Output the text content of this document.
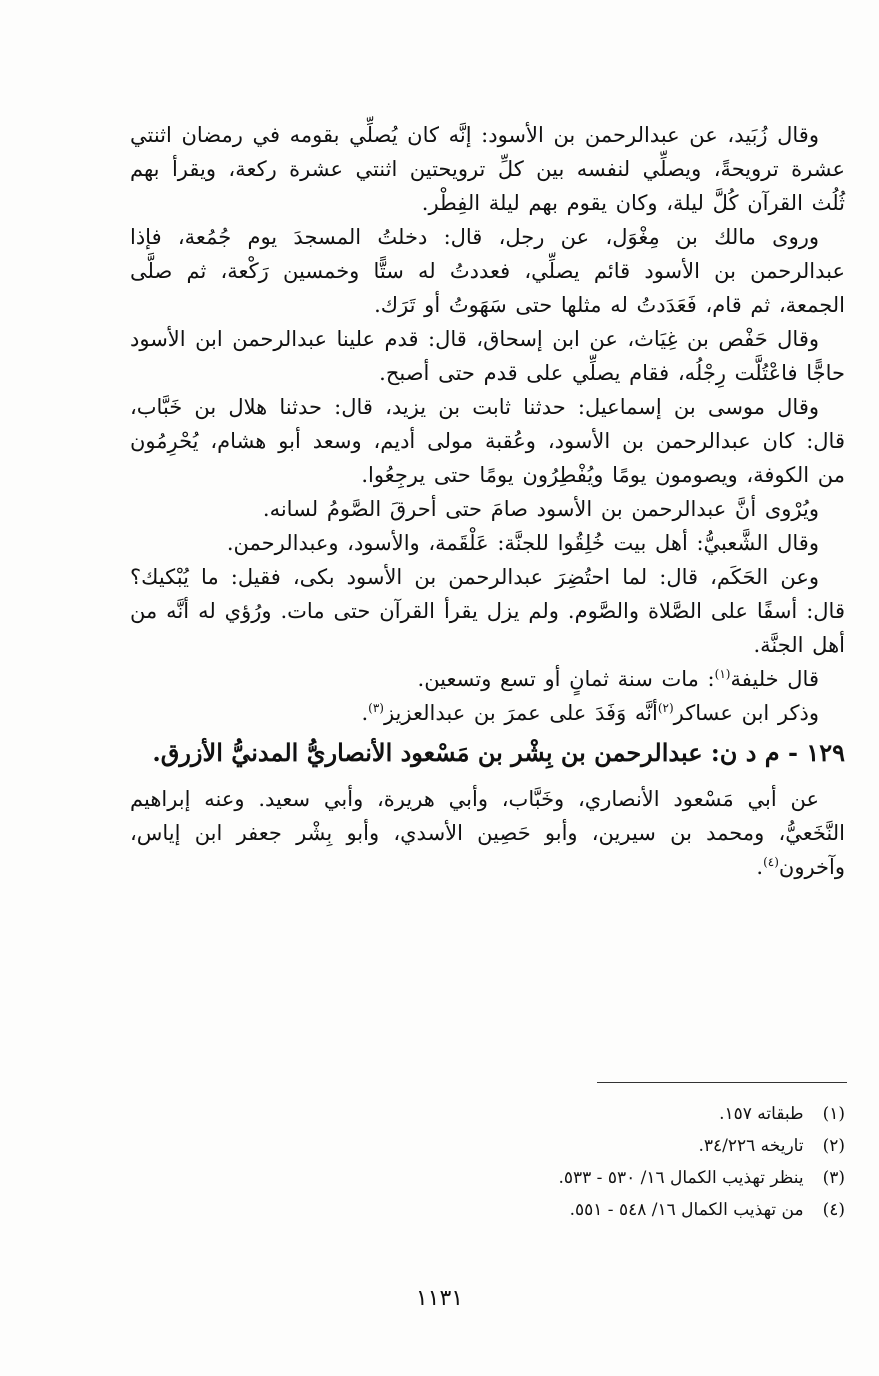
وقال زُبَيد، عن عبدالرحمن بن الأسود: إنَّه كان يُصلِّي بقومه في رمضان اثنتي عشرة ترويحةً، ويصلِّي لنفسه بين كلِّ ترويحتين اثنتي عشرة ركعة، ويقرأ بهم ثُلُث القرآن كُلَّ ليلة، وكان يقوم بهم ليلة الفِطْر.

وروى مالك بن مِغْوَل، عن رجل، قال: دخلتُ المسجدَ يوم جُمُعة، فإذا عبدالرحمن بن الأسود قائم يصلِّي، فعددتُ له ستًّا وخمسين رَكْعة، ثم صلَّى الجمعة، ثم قام، فَعَدَدتُ له مثلها حتى سَهَوتُ أو تَرَك.

وقال حَفْص بن غِيَاث، عن ابن إسحاق، قال: قدم علينا عبدالرحمن ابن الأسود حاجًّا فاعْتُلَّت رِجْلُه، فقام يصلِّي على قدم حتى أصبح.

وقال موسى بن إسماعيل: حدثنا ثابت بن يزيد، قال: حدثنا هلال بن خَبَّاب، قال: كان عبدالرحمن بن الأسود، وعُقبة مولى أديم، وسعد أبو هشام، يُحْرِمُون من الكوفة، ويصومون يومًا ويُفْطِرُون يومًا حتى يرجِعُوا.

ويُرْوى أنَّ عبدالرحمن بن الأسود صامَ حتى أحرقَ الصَّومُ لسانه.

وقال الشَّعبيُّ: أهل بيت خُلِقُوا للجنَّة: عَلْقَمة، والأسود، وعبدالرحمن.

وعن الحَكَم، قال: لما احتُضِرَ عبدالرحمن بن الأسود بكى، فقيل: ما يُبْكيك؟ قال: أسفًا على الصَّلاة والصَّوم. ولم يزل يقرأ القرآن حتى مات. ورُؤي له أنَّه من أهل الجنَّة.

قال خليفة$^{(١)}$: مات سنة ثمانٍ أو تسع وتسعين.

وذكر ابن عساكر$^{(٢)}$أنَّه وَفَدَ على عمرَ بن عبدالعزيز$^{(٣)}$.

١٢٩ - م د ن: عبدالرحمن بن بِشْر بن مَسْعود الأنصاريُّ المدنيُّ الأزرق.

عن أبي مَسْعود الأنصاري، وخَبَّاب، وأبي هريرة، وأبي سعيد. وعنه إبراهيم النَّخَعيُّ، ومحمد بن سيرين، وأبو حَصِين الأسدي، وأبو بِشْر جعفر ابن إياس، وآخرون$^{(٤)}$.

(١) طبقاته ١٥٧.

(٢) تاريخه ٣٤/٢٢٦.

(٣) ينظر تهذيب الكمال ١٦/ ٥٣٠ - ٥٣٣.

(٤) من تهذيب الكمال ١٦/ ٥٤٨ - ٥٥١.

١١٣١
